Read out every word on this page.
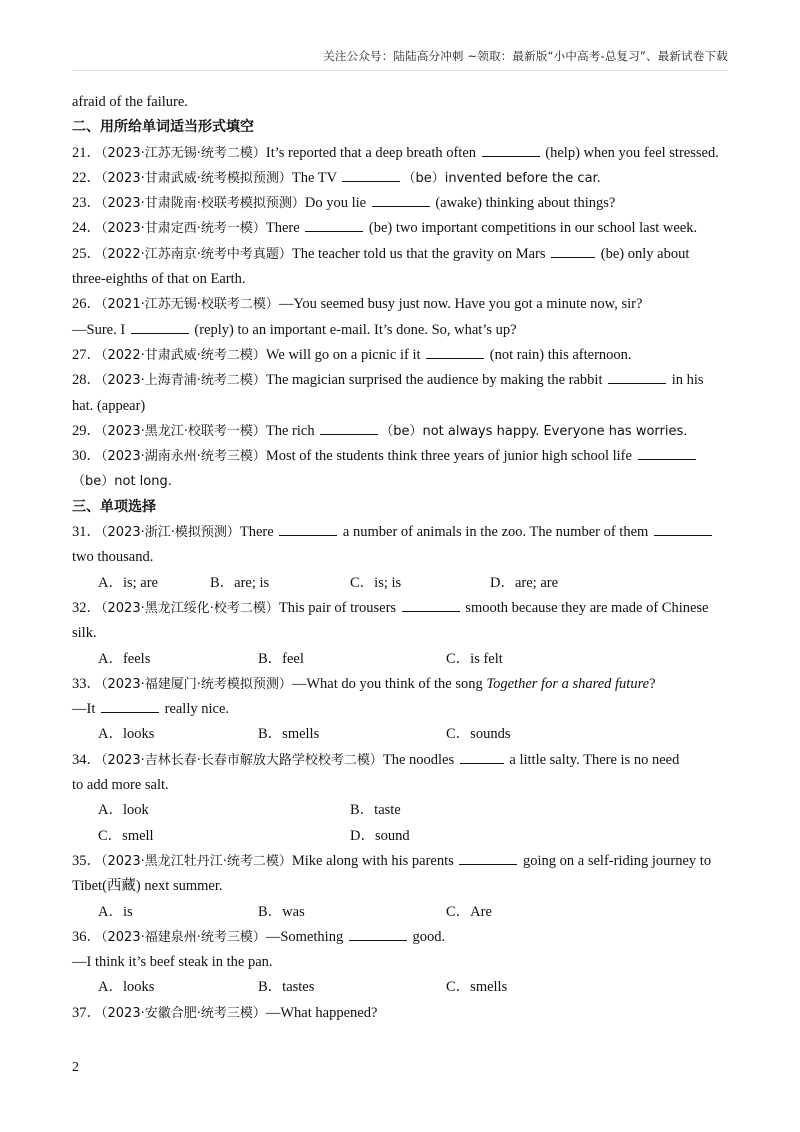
关注公众号：陆陆高分冲刺 ~领取：最新版“小中高考-总复习”、最新试卷下载
afraid of the failure.
二、用所给单词适当形式填空
21．（2023·江苏无锡·统考二模）It’s reported that a deep breath often	(help) when you feel stressed.
22．（2023·甘肃武威·统考模拟预测）The TV	（be）invented before the car.
23．（2023·甘肃陇南·校联考模拟预测）Do you lie	(awake) thinking about things?
24．（2023·甘肃定西·统考一模）There	(be) two important competitions in our school last week.
25．（2022·江苏南京·统考中考真题）The teacher told us that the gravity on Mars	(be) only about
three-eighths of that on Earth.
26．（2021·江苏无锡·校联考二模）—You seemed busy just now. Have you got a minute now, sir?
—Sure. I	(reply) to an important e-mail. It’s done. So, what’s up?
27．（2022·甘肃武威·统考二模）We will go on a picnic if it	(not rain) this afternoon.
28．（2023·上海青浦·统考二模）The magician surprised the audience by making the rabbit	in his
hat. (appear)
29．（2023·黑龙江·校联考一模）The rich	（be）not always happy. Everyone has worries.
30．（2023·湖南永州·统考三模）Most of the students think three years of junior high school life
（be）not long.
三、单项选择
31．（2023·浙江·模拟预测）There	a number of animals in the zoo. The number of them
two thousand.
A．is; are	B．are; is	C．is; is	D．are; are
32．（2023·黑龙江绥化·校考二模）This pair of trousers	smooth because they are made of Chinese
silk.
A．feels	B．feel	C．is felt
33．（2023·福建厦门·统考模拟预测）—What do you think of the song Together for a shared future?
—It	really nice.
A．looks	B．smells	C．sounds
34．（2023·吉林长春·长春市解放大路学校校考二模）The noodles	a little salty. There is no need
to add more salt.
A．look	B．taste
C．smell	D．sound
35．（2023·黑龙江牡丹江·统考二模）Mike along with his parents	going on a self-riding journey to
Tibet(西藏) next summer.
A．is	B．was	C．Are
36．（2023·福建泉州·统考三模）—Something	good.
—I think it’s beef steak in the pan.
A．looks	B．tastes	C．smells
37．（2023·安徽合肥·统考三模）—What happened?
2
